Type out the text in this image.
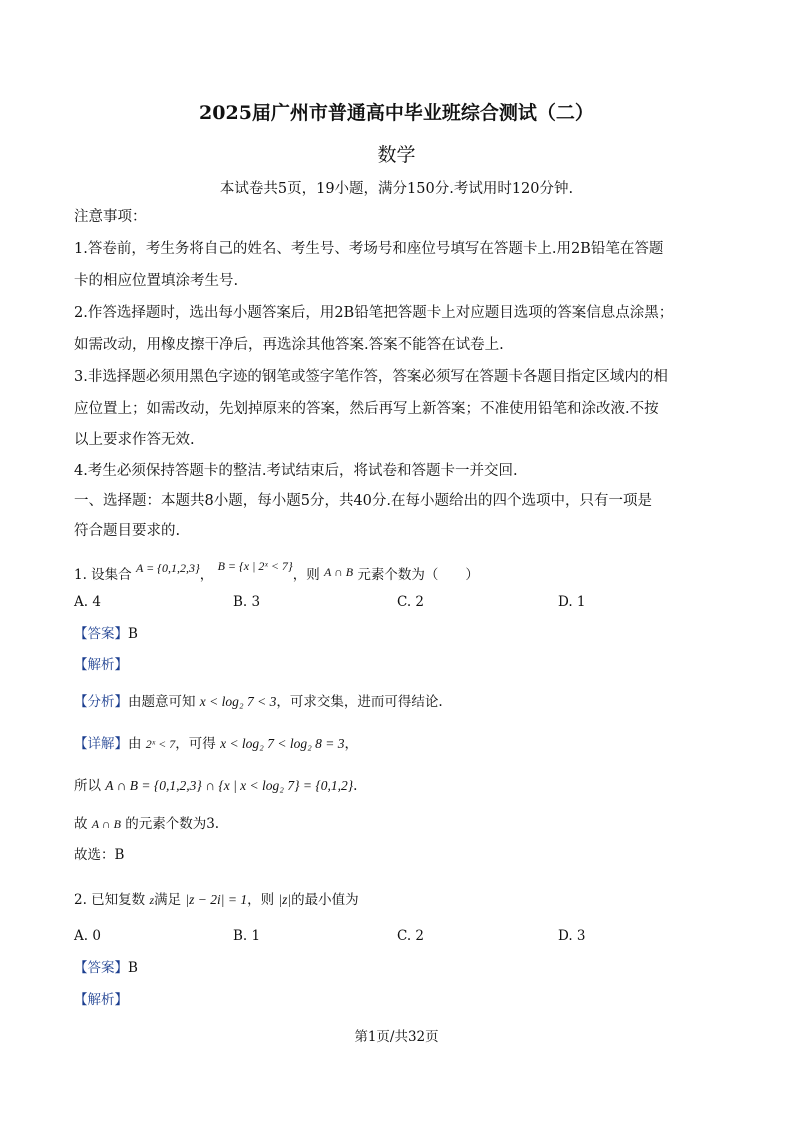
2025届广州市普通高中毕业班综合测试（二）
数学
本试卷共5页，19小题，满分150分.考试用时120分钟.
注意事项：
1.答卷前，考生务将自己的姓名、考生号、考场号和座位号填写在答题卡上.用2B铅笔在答题
卡的相应位置填涂考生号.
2.作答选择题时，选出每小题答案后，用2B铅笔把答题卡上对应题目选项的答案信息点涂黑；
如需改动，用橡皮擦干净后，再选涂其他答案.答案不能答在试卷上.
3.非选择题必须用黑色字迹的钢笔或签字笔作答，答案必须写在答题卡各题目指定区域内的相
应位置上；如需改动，先划掉原来的答案，然后再写上新答案；不准使用铅笔和涂改液.不按
以上要求作答无效.
4.考生必须保持答题卡的整洁.考试结束后，将试卷和答题卡一并交回.
一、选择题：本题共8小题，每小题5分，共40分.在每小题给出的四个选项中，只有一项是
符合题目要求的.
1. 设集合 A = {0,1,2,3}， B = {x | 2ˣ < 7}，则 A ∩ B 元素个数为（　　）
A. 4	B. 3	C. 2	D. 1
【答案】B
【解析】
【分析】由题意可知 x < log₂ 7 < 3，可求交集，进而可得结论.
【详解】由 2ˣ < 7，可得 x < log₂ 7 < log₂ 8 = 3，
所以 A ∩ B = {0,1,2,3} ∩ {x | x < log₂ 7} = {0,1,2}.
故 A ∩ B 的元素个数为3.
故选：B
2. 已知复数 z满足 |z − 2i| = 1，则 |z|的最小值为
A. 0	B. 1	C. 2	D. 3
【答案】B
【解析】
第1页/共32页
